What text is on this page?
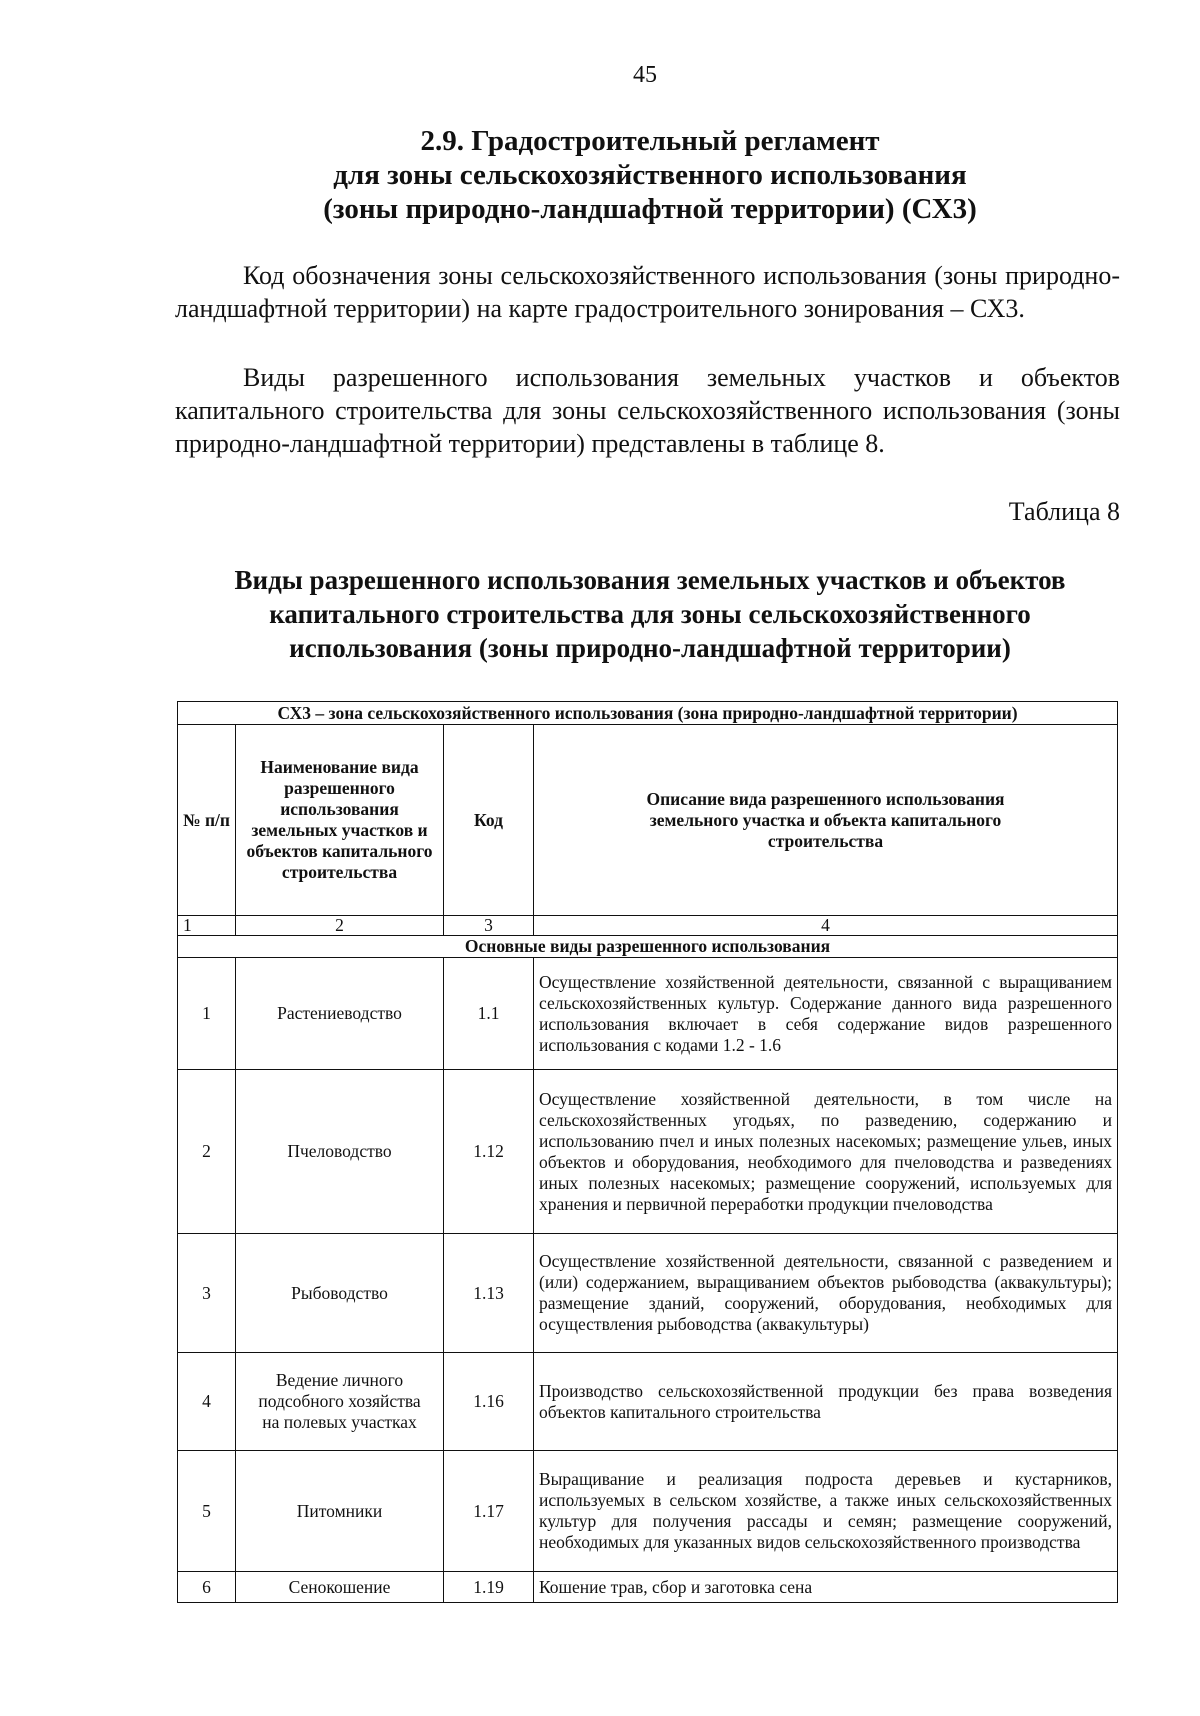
45
2.9. Градостроительный регламент
для зоны сельскохозяйственного использования
(зоны природно-ландшафтной территории) (СХ3)
Код обозначения зоны сельскохозяйственного использования (зоны природно-ландшафтной территории) на карте градостроительного зонирования – СХ3.
Виды разрешенного использования земельных участков и объектов капитального строительства для зоны сельскохозяйственного использования (зоны природно-ландшафтной территории) представлены в таблице 8.
Таблица 8
Виды разрешенного использования земельных участков и объектов
капитального строительства для зоны сельскохозяйственного
использования (зоны природно-ландшафтной территории)
СХ3 – зона сельскохозяйственного использования (зона природно-ландшафтной территории)			
№ п/п	Наименование вида разрешенного использования земельных участков и объектов капитального строительства	Код	Описание вида разрешенного использования земельного участка и объекта капитального строительства
1	2	3	4
Основные виды разрешенного использования			
1	Растениеводство	1.1	Осуществление хозяйственной деятельности, связанной с выращиванием сельскохозяйственных культур. Содержание данного вида разрешенного использования включает в себя содержание видов разрешенного использования с кодами 1.2 - 1.6
2	Пчеловодство	1.12	Осуществление хозяйственной деятельности, в том числе на сельскохозяйственных угодьях, по разведению, содержанию и использованию пчел и иных полезных насекомых; размещение ульев, иных объектов и оборудования, необходимого для пчеловодства и разведениях иных полезных насекомых; размещение сооружений, используемых для хранения и первичной переработки продукции пчеловодства
3	Рыбоводство	1.13	Осуществление хозяйственной деятельности, связанной с разведением и (или) содержанием, выращиванием объектов рыбоводства (аквакультуры); размещение зданий, сооружений, оборудования, необходимых для осуществления рыбоводства (аквакультуры)
4	Ведение личного подсобного хозяйства на полевых участках	1.16	Производство сельскохозяйственной продукции без права возведения объектов капитального строительства
5	Питомники	1.17	Выращивание и реализация подроста деревьев и кустарников, используемых в сельском хозяйстве, а также иных сельскохозяйственных культур для получения рассады и семян; размещение сооружений, необходимых для указанных видов сельскохозяйственного производства
6	Сенокошение	1.19	Кошение трав, сбор и заготовка сена
